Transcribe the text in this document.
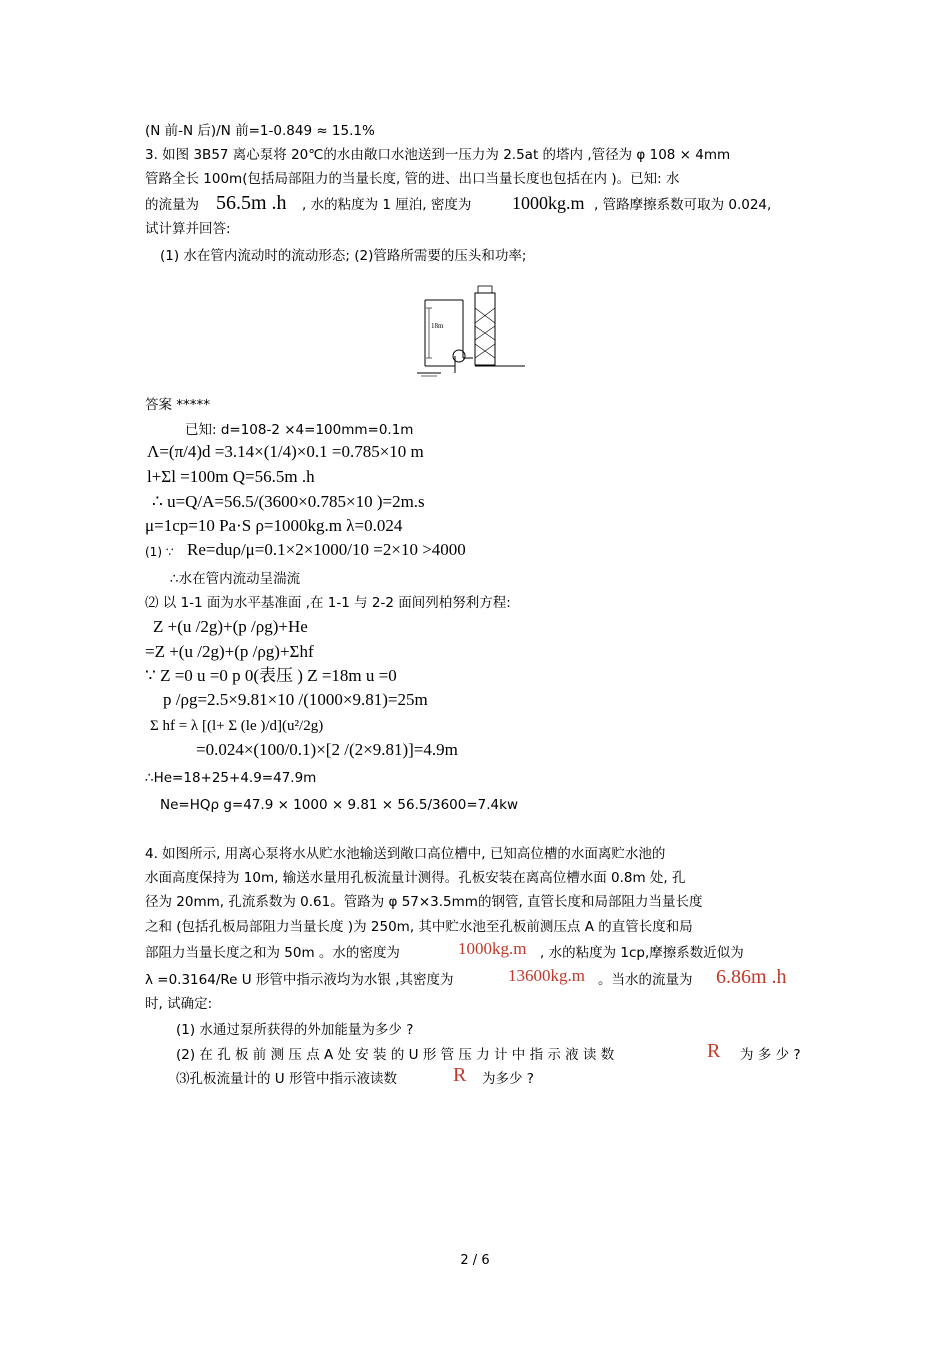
(N 前-N 后)/N 前=1-0.849 ≈ 15.1%
3. 如图 3B57 离心泵将 20℃的水由敞口水池送到一压力为 2.5at 的塔内 ,管径为 φ 108 × 4mm
管路全长 100m(包括局部阻力的当量长度, 管的进、出口当量长度也包括在内 )。已知: 水
的流量为 56.5m .h , 水的粘度为 1 厘泊, 密度为 1000kg.m , 管路摩擦系数可取为 0.024,
试计算并回答:
(1) 水在管内流动时的流动形态; (2)管路所需要的压头和功率;
18m
答案 *****
已知: d=108-2 ×4=100mm=0.1m
Λ=(π/4)d =3.14×(1/4)×0.1 =0.785×10 m
l+Σl =100m Q=56.5m .h
∴ u=Q/A=56.5/(3600×0.785×10 )=2m.s
μ=1cp=10 Pa·S ρ=1000kg.m λ=0.024
(1) ∵ Re=duρ/μ=0.1×2×1000/10 =2×10 >4000
∴水在管内流动呈湍流
⑵ 以 1-1 面为水平基准面 ,在 1-1 与 2-2 面间列柏努利方程:
Z +(u /2g)+(p /ρg)+He
=Z +(u /2g)+(p /ρg)+Σhf
∵ Z =0 u =0 p 0(表压 ) Z =18m u =0
p /ρg=2.5×9.81×10 /(1000×9.81)=25m
Σ hf = λ [(l+ Σ (le )/d](u²/2g)
=0.024×(100/0.1)×[2 /(2×9.81)]=4.9m
∴He=18+25+4.9=47.9m
Ne=HQρ g=47.9 × 1000 × 9.81 × 56.5/3600=7.4kw
4. 如图所示, 用离心泵将水从贮水池输送到敞口高位槽中, 已知高位槽的水面离贮水池的
水面高度保持为 10m, 输送水量用孔板流量计测得。孔板安装在离高位槽水面 0.8m 处, 孔
径为 20mm, 孔流系数为 0.61。管路为 φ 57×3.5mm的钢管, 直管长度和局部阻力当量长度
之和 (包括孔板局部阻力当量长度 )为 250m, 其中贮水池至孔板前测压点 A 的直管长度和局
部阻力当量长度之和为 50m 。水的密度为	1000kg.m , 水的粘度为 1cp,摩擦系数近似为
λ =0.3164/Re U 形管中指示液均为水银 ,其密度为	13600kg.m 。当水的流量为 6.86m .h
时, 试确定:
(1) 水通过泵所获得的外加能量为多少 ?
(2) 在 孔 板 前 测 压 点 A 处 安 装 的 U 形 管 压 力 计 中 指 示 液 读 数	R 为 多 少 ?
⑶孔板流量计的 U 形管中指示液读数	R 为多少 ?
2 / 6
